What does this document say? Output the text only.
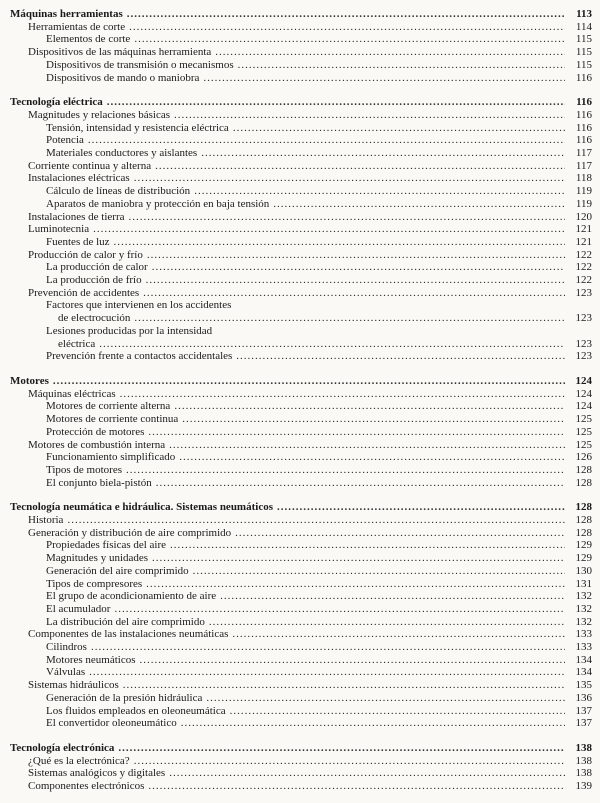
Máquinas herramientas .....	113
Herramientas de corte .....	114
Elementos de corte .....	115
Dispositivos de las máquinas herramienta .....	115
Dispositivos de transmisión o mecanismos .....	115
Dispositivos de mando o maniobra .....	116
Tecnología eléctrica .....	116
Magnitudes y relaciones básicas .....	116
Tensión, intensidad y resistencia eléctrica .....	116
Potencia .....	116
Materiales conductores y aislantes .....	117
Corriente continua y alterna .....	117
Instalaciones eléctricas .....	118
Cálculo de líneas de distribución .....	119
Aparatos de maniobra y protección en baja tensión .....	119
Instalaciones de tierra .....	120
Luminotecnia .....	121
Fuentes de luz .....	121
Producción de calor y frío .....	122
La producción de calor .....	122
La producción de frío .....	122
Prevención de accidentes .....	123
Factores que intervienen en los accidentes
de electrocución .....	123
Lesiones producidas por la intensidad
eléctrica .....	123
Prevención frente a contactos accidentales .....	123
Motores .....	124
Máquinas eléctricas .....	124
Motores de corriente alterna .....	124
Motores de corriente continua .....	125
Protección de motores .....	125
Motores de combustión interna .....	125
Funcionamiento simplificado .....	126
Tipos de motores .....	128
El conjunto biela-pistón .....	128
Tecnología neumática e hidráulica. Sistemas neumáticos .....	128
Historia .....	128
Generación y distribución de aire comprimido .....	128
Propiedades físicas del aire .....	129
Magnitudes y unidades .....	129
Generación del aire comprimido .....	130
Tipos de compresores .....	131
El grupo de acondicionamiento de aire .....	132
El acumulador .....	132
La distribución del aire comprimido .....	132
Componentes de las instalaciones neumáticas .....	133
Cilindros .....	133
Motores neumáticos .....	134
Válvulas .....	134
Sistemas hidráulicos .....	135
Generación de la presión hidráulica .....	136
Los fluidos empleados en oleoneumática .....	137
El convertidor oleoneumático .....	137
Tecnología electrónica .....	138
¿Qué es la electrónica? .....	138
Sistemas analógicos y digitales .....	138
Componentes electrónicos .....	139
